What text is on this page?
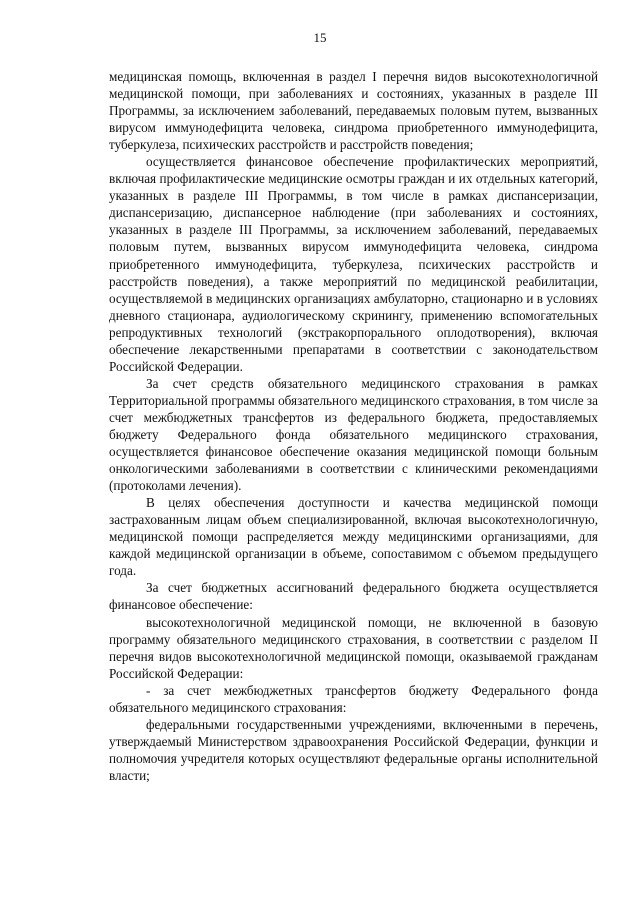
15

медицинская помощь, включенная в раздел I перечня видов высокотехнологичной медицинской помощи, при заболеваниях и состояниях, указанных в разделе III Программы, за исключением заболеваний, передаваемых половым путем, вызванных вирусом иммунодефицита человека, синдрома приобретенного иммунодефицита, туберкулеза, психических расстройств и расстройств поведения;

осуществляется финансовое обеспечение профилактических мероприятий, включая профилактические медицинские осмотры граждан и их отдельных категорий, указанных в разделе III Программы, в том числе в рамках диспансеризации, диспансеризацию, диспансерное наблюдение (при заболеваниях и состояниях, указанных в разделе III Программы, за исключением заболеваний, передаваемых половым путем, вызванных вирусом иммунодефицита человека, синдрома приобретенного иммунодефицита, туберкулеза, психических расстройств и расстройств поведения), а также мероприятий по медицинской реабилитации, осуществляемой в медицинских организациях амбулаторно, стационарно и в условиях дневного стационара, аудиологическому скринингу, применению вспомогательных репродуктивных технологий (экстракорпорального оплодотворения), включая обеспечение лекарственными препаратами в соответствии с законодательством Российской Федерации.

За счет средств обязательного медицинского страхования в рамках Территориальной программы обязательного медицинского страхования, в том числе за счет межбюджетных трансфертов из федерального бюджета, предоставляемых бюджету Федерального фонда обязательного медицинского страхования, осуществляется финансовое обеспечение оказания медицинской помощи больным онкологическими заболеваниями в соответствии с клиническими рекомендациями (протоколами лечения).

В целях обеспечения доступности и качества медицинской помощи застрахованным лицам объем специализированной, включая высокотехнологичную, медицинской помощи распределяется между медицинскими организациями, для каждой медицинской организации в объеме, сопоставимом с объемом предыдущего года.

За счет бюджетных ассигнований федерального бюджета осуществляется финансовое обеспечение:

высокотехнологичной медицинской помощи, не включенной в базовую программу обязательного медицинского страхования, в соответствии с разделом II перечня видов высокотехнологичной медицинской помощи, оказываемой гражданам Российской Федерации:

- за счет межбюджетных трансфертов бюджету Федерального фонда обязательного медицинского страхования:

федеральными государственными учреждениями, включенными в перечень, утверждаемый Министерством здравоохранения Российской Федерации, функции и полномочия учредителя которых осуществляют федеральные органы исполнительной власти;
